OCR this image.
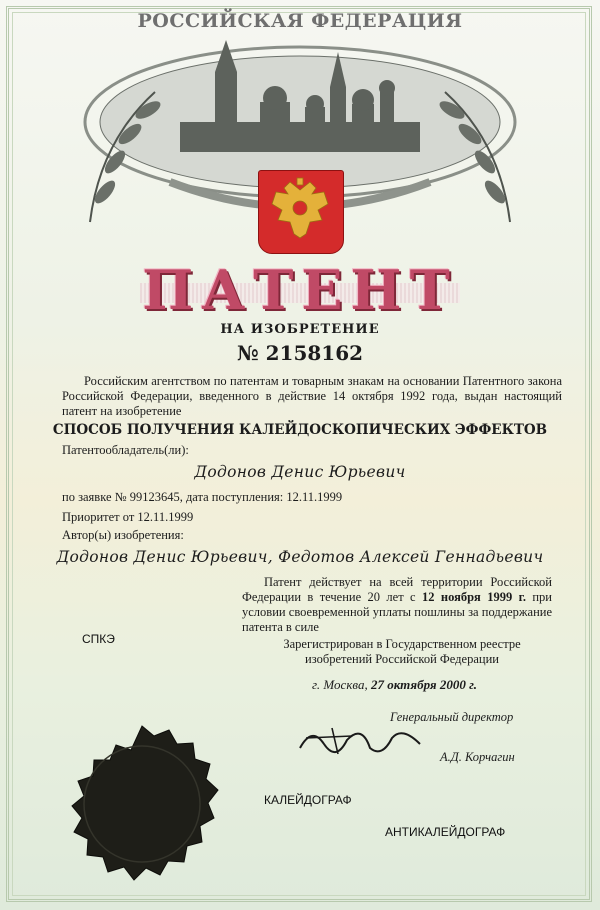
РОССИЙСКАЯ ФЕДЕРАЦИЯ
ПАТЕНТ
НА ИЗОБРЕТЕНИЕ
№ 2158162
Российским агентством по патентам и товарным знакам на основании Патентного закона Российской Федерации, введенного в действие 14 октября 1992 года, выдан настоящий патент на изобретение
СПОСОБ ПОЛУЧЕНИЯ КАЛЕЙДОСКОПИЧЕСКИХ ЭФФЕКТОВ
Патентообладатель(ли):
Додонов Денис Юрьевич
по заявке № 99123645, дата поступления: 12.11.1999
Приоритет от 12.11.1999
Автор(ы) изобретения:
Додонов Денис Юрьевич, Федотов Алексей Геннадьевич
Патент действует на всей территории Российской Федерации в течение 20 лет с 12 ноября 1999 г. при условии своевременной уплаты пошлины за поддержание патента в силе
Зарегистрирован в Государственном реестре изобретений Российской Федерации
г. Москва, 27 октября 2000 г.
Генеральный директор
А.Д. Корчагин
СПКЭ
КАЛЕЙДОГРАФ
АНТИКАЛЕЙДОГРАФ
